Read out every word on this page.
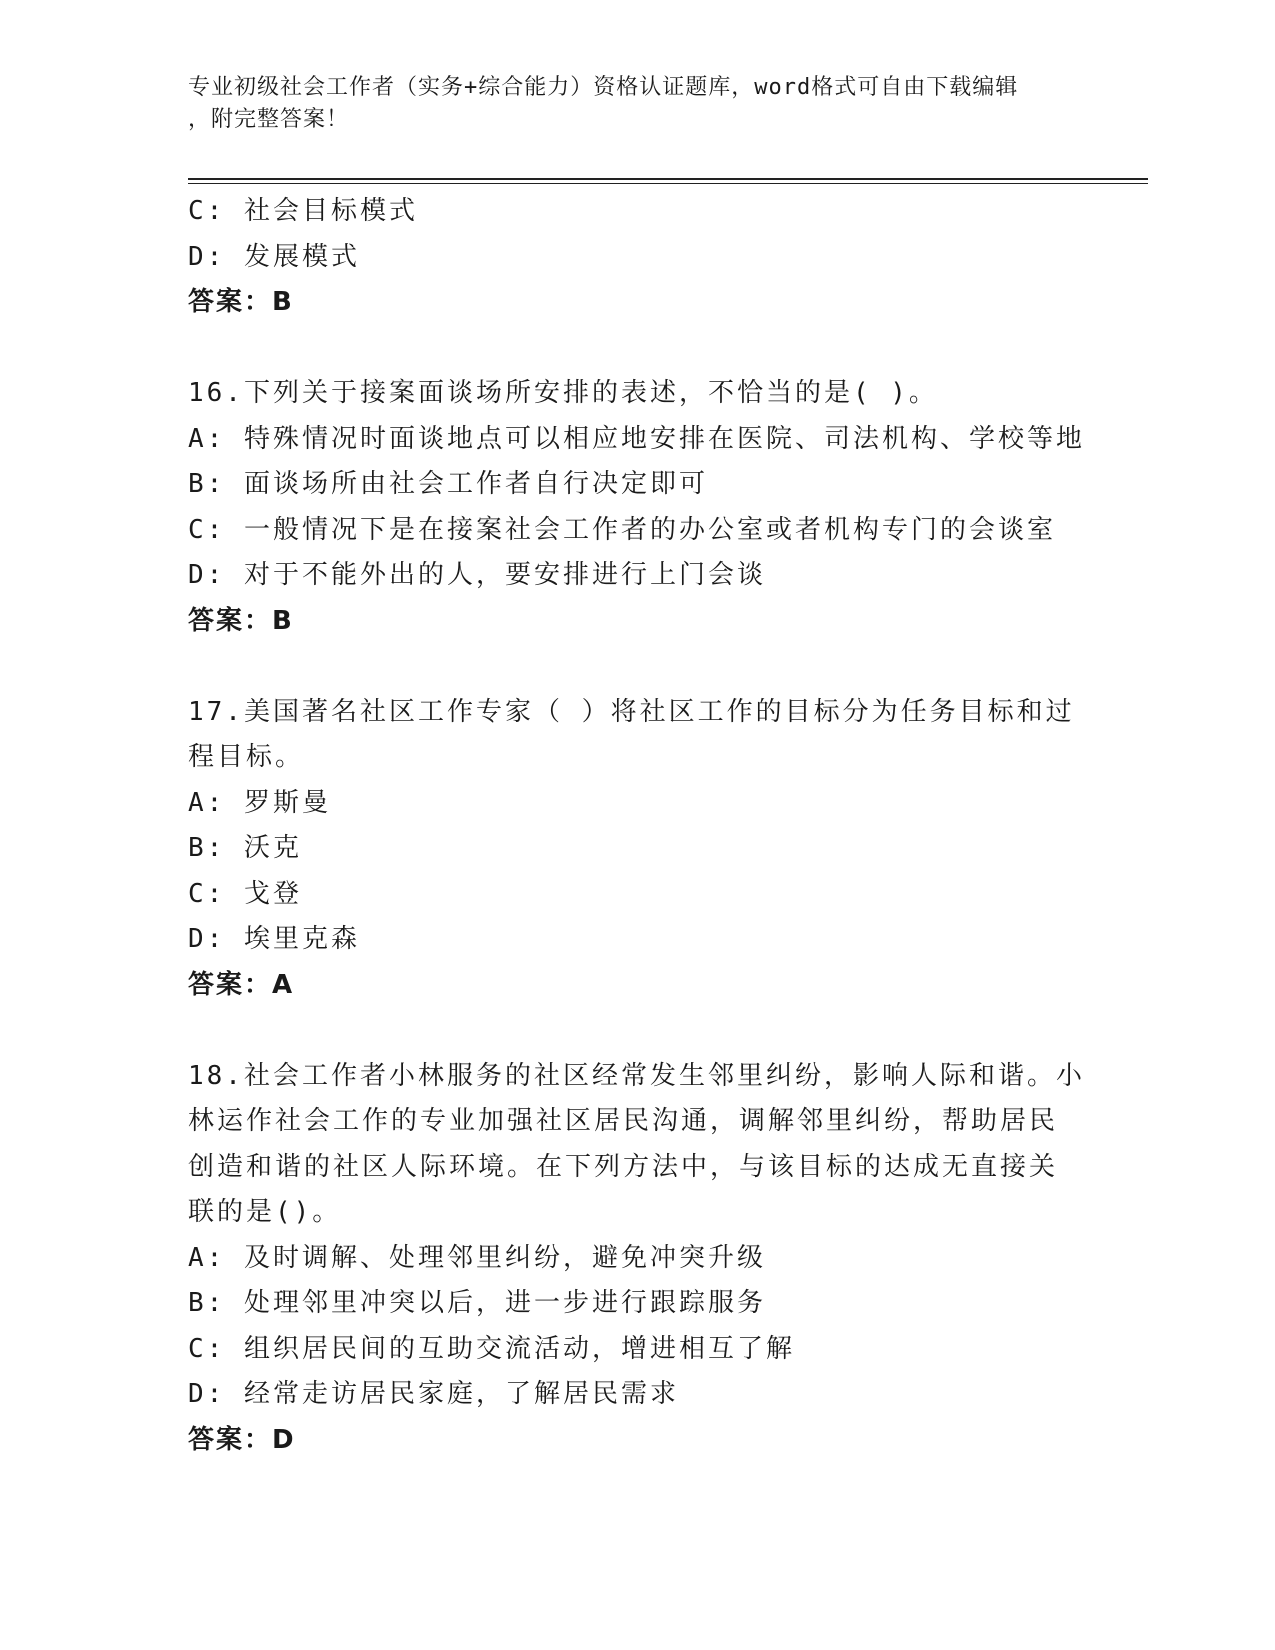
专业初级社会工作者（实务+综合能力）资格认证题库，word格式可自由下载编辑
，附完整答案！
C: 社会目标模式
D: 发展模式
答案：B
16.下列关于接案面谈场所安排的表述，不恰当的是( )。
A: 特殊情况时面谈地点可以相应地安排在医院、司法机构、学校等地
B: 面谈场所由社会工作者自行决定即可
C: 一般情况下是在接案社会工作者的办公室或者机构专门的会谈室
D: 对于不能外出的人，要安排进行上门会谈
答案：B
17.美国著名社区工作专家（ ）将社区工作的目标分为任务目标和过
程目标。
A: 罗斯曼
B: 沃克
C: 戈登
D: 埃里克森
答案：A
18.社会工作者小林服务的社区经常发生邻里纠纷，影响人际和谐。小
林运作社会工作的专业加强社区居民沟通，调解邻里纠纷，帮助居民
创造和谐的社区人际环境。在下列方法中，与该目标的达成无直接关
联的是()。
A: 及时调解、处理邻里纠纷，避免冲突升级
B: 处理邻里冲突以后，进一步进行跟踪服务
C: 组织居民间的互助交流活动，增进相互了解
D: 经常走访居民家庭，了解居民需求
答案：D
